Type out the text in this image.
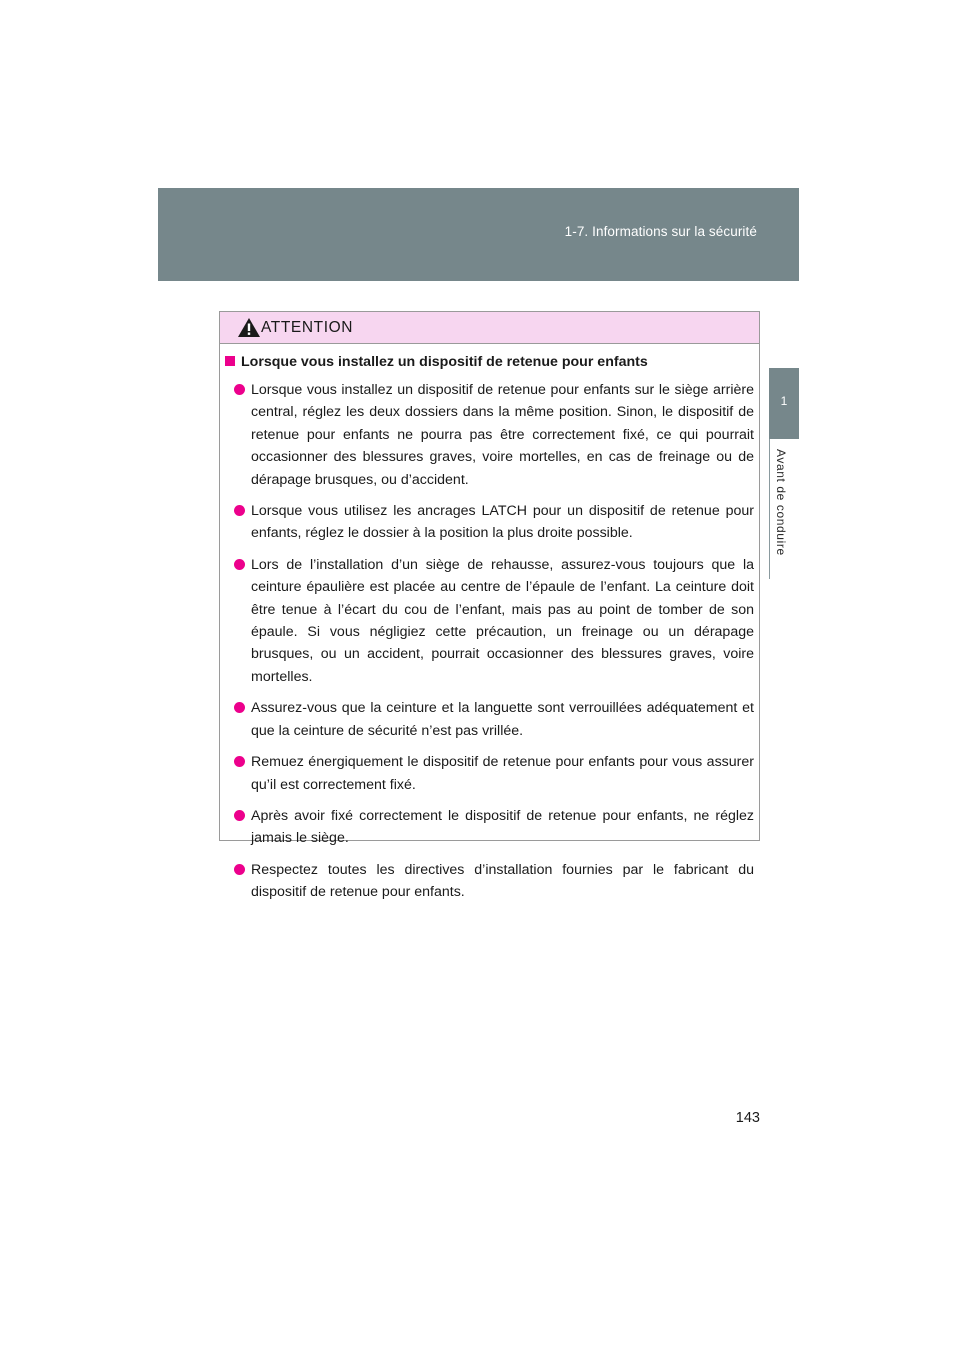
1-7. Informations sur la sécurité
1
Avant de conduire
ATTENTION
Lorsque vous installez un dispositif de retenue pour enfants
Lorsque vous installez un dispositif de retenue pour enfants sur le siège arrière central, réglez les deux dossiers dans la même position. Sinon, le dispositif de retenue pour enfants ne pourra pas être correctement fixé, ce qui pourrait occasionner des blessures graves, voire mortelles, en cas de freinage ou de dérapage brusques, ou d’accident.
Lorsque vous utilisez les ancrages LATCH pour un dispositif de retenue pour enfants, réglez le dossier à la position la plus droite possible.
Lors de l’installation d’un siège de rehausse, assurez-vous toujours que la ceinture épaulière est placée au centre de l’épaule de l’enfant. La ceinture doit être tenue à l’écart du cou de l’enfant, mais pas au point de tomber de son épaule. Si vous négligiez cette précaution, un freinage ou un dérapage brusques, ou un accident, pourrait occasionner des blessures graves, voire mortelles.
Assurez-vous que la ceinture et la languette sont verrouillées adéquatement et que la ceinture de sécurité n’est pas vrillée.
Remuez énergiquement le dispositif de retenue pour enfants pour vous assurer qu’il est correctement fixé.
Après avoir fixé correctement le dispositif de retenue pour enfants, ne réglez jamais le siège.
Respectez toutes les directives d’installation fournies par le fabricant du dispositif de retenue pour enfants.
143
